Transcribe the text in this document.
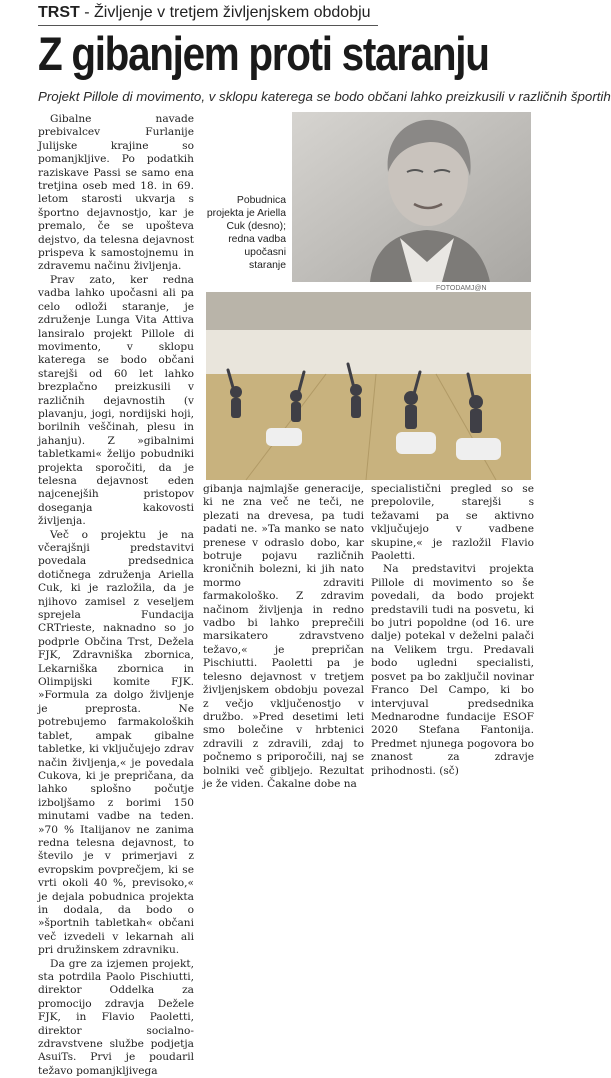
TRST - Življenje v tretjem življenjskem obdobju
Z gibanjem proti staranju
Projekt Pillole di movimento, v sklopu katerega se bodo občani lahko preizkusili v različnih športih

Gibalne navade prebivalcev Furlanije Julijske krajine so pomanjkljive. Po podatkih raziskave Passi se samo ena tretjina oseb med 18. in 69. letom starosti ukvarja s športno dejavnostjo, kar je premalo, če se upošteva dejstvo, da telesna dejavnost prispeva k samostojnemu in zdravemu načinu življenja.

Prav zato, ker redna vadba lahko upočasni ali pa celo odloži staranje, je združenje Lunga Vita Attiva lansiralo projekt Pillole di movimento, v sklopu katerega se bodo občani starejši od 60 let lahko brezplačno preizkusili v različnih dejavnostih (v plavanju, jogi, nordijski hoji, borilnih veščinah, plesu in jahanju). Z »gibalnimi tabletkami« želijo pobudniki projekta sporočiti, da je telesna dejavnost eden najcenejših pristopov doseganja kakovosti življenja.

Več o projektu je na včerajšnji predstavitvi povedala predsednica dotičnega združenja Ariella Cuk, ki je razložila, da je njihovo zamisel z veseljem sprejela Fundacija CRTrieste, naknadno so jo podprle Občina Trst, Dežela FJK, Zdravniška zbornica, Lekarniška zbornica in Olimpijski komite FJK. »Formula za dolgo življenje je preprosta. Ne potrebujemo farmakoloških tablet, ampak gibalne tabletke, ki vključujejo zdrav način življenja,« je povedala Cukova, ki je prepričana, da lahko splošno počutje izboljšamo z borimi 150 minutami vadbe na teden. »70 % Italijanov ne zanima redna telesna dejavnost, to število je v primerjavi z evropskim povprečjem, ki se vrti okoli 40 %, previsoko,« je dejala pobudnica projekta in dodala, da bodo o »športnih tabletkah« občani več izvedeli v lekarnah ali pri družinskem zdravniku.

Da gre za izjemen projekt, sta potrdila Paolo Pischiutti, direktor Oddelka za promocijo zdravja Dežele FJK, in Flavio Paoletti, direktor socialno-zdravstvene službe podjetja AsuiTs. Prvi je poudaril težavo pomanjkljivega

Pobudnica projekta je Ariella Cuk (desno); redna vadba upočasni staranje
FOTODAMJ@N

gibanja najmlajše generacije, ki ne zna več ne teči, ne plezati na drevesa, pa tudi padati ne. »Ta manko se nato prenese v odraslo dobo, kar botruje pojavu različnih kroničnih bolezni, ki jih nato mormo zdraviti farmakološko. Z zdravim načinom življenja in redno vadbo bi lahko preprečili marsikatero zdravstveno težavo,« je prepričan Pischiutti. Paoletti pa je telesno dejavnost v tretjem življenjskem obdobju povezal z večjo vključenostjo v družbo. »Pred desetimi leti smo bolečine v hrbtenici zdravili z zdravili, zdaj to počnemo s priporočili, naj se bolniki več gibljejo. Rezultat je že viden. Čakalne dobe na

specialistični pregled so se prepolovile, starejši s težavami pa se aktivno vključujejo v vadbene skupine,« je razložil Flavio Paoletti.

Na predstavitvi projekta Pillole di movimento so še povedali, da bodo projekt predstavili tudi na posvetu, ki bo jutri popoldne (od 16. ure dalje) potekal v deželni palači na Velikem trgu. Predavali bodo ugledni specialisti, posvet pa bo zaključil novinar Franco Del Campo, ki bo intervjuval predsednika Mednarodne fundacije ESOF 2020 Stefana Fantonija. Predmet njunega pogovora bo znanost za zdravje prihodnosti. (sč)
